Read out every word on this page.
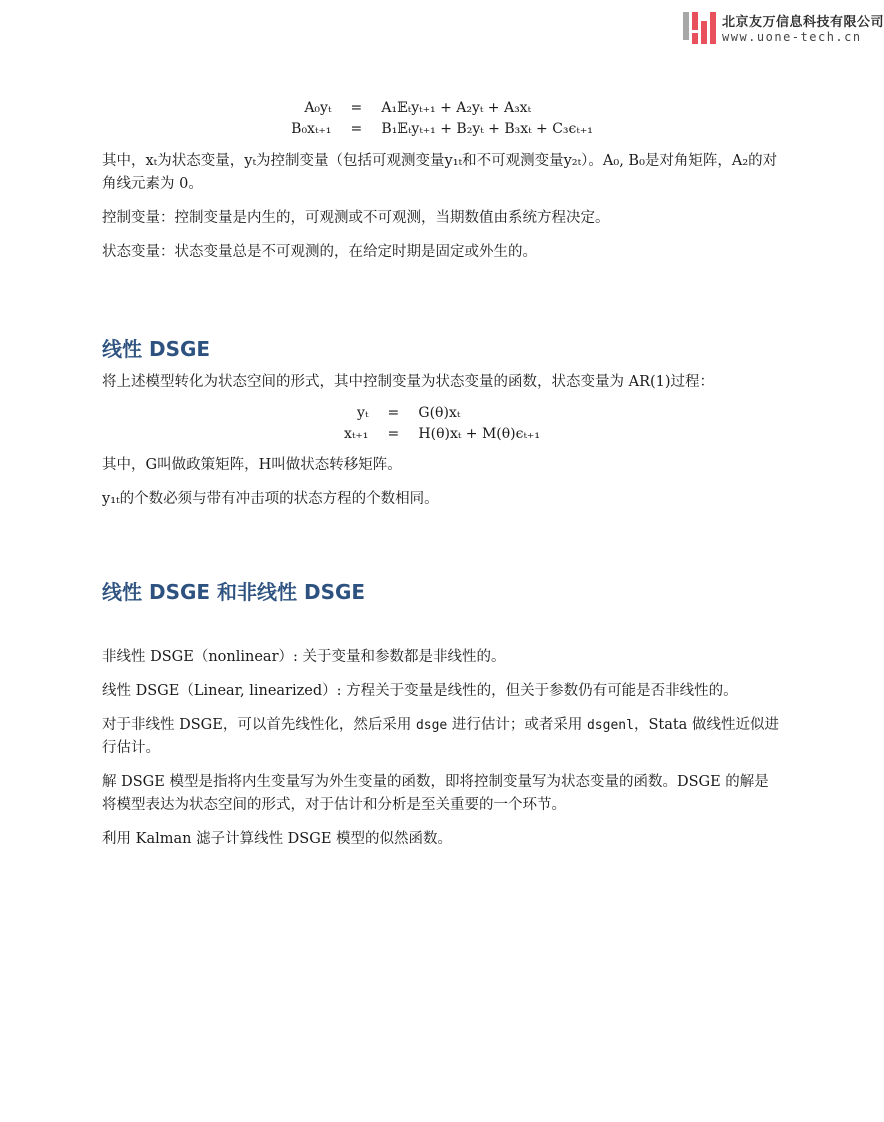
北京友万信息科技有限公司
www.uone-tech.cn
A₀yₜ	=	A₁𝔼ₜyₜ₊₁ + A₂yₜ + A₃xₜ
B₀xₜ₊₁	=	B₁𝔼ₜyₜ₊₁ + B₂yₜ + B₃xₜ + C₃ϵₜ₊₁

其中，xₜ为状态变量，yₜ为控制变量（包括可观测变量y₁ₜ和不可观测变量y₂ₜ）。A₀, B₀是对角矩阵，A₂的对角线元素为 0。

控制变量：控制变量是内生的，可观测或不可观测，当期数值由系统方程决定。

状态变量：状态变量总是不可观测的，在给定时期是固定或外生的。

线性 DSGE

将上述模型转化为状态空间的形式，其中控制变量为状态变量的函数，状态变量为 AR(1)过程：

yₜ	=	G(θ)xₜ
xₜ₊₁	=	H(θ)xₜ + M(θ)ϵₜ₊₁

其中，G叫做政策矩阵，H叫做状态转移矩阵。

y₁ₜ的个数必须与带有冲击项的状态方程的个数相同。

线性 DSGE 和非线性 DSGE

非线性 DSGE（nonlinear）: 关于变量和参数都是非线性的。

线性 DSGE（Linear, linearized）: 方程关于变量是线性的，但关于参数仍有可能是否非线性的。

对于非线性 DSGE，可以首先线性化，然后采用 dsge 进行估计；或者采用 dsgenl，Stata 做线性近似进行估计。

解 DSGE 模型是指将内生变量写为外生变量的函数，即将控制变量写为状态变量的函数。DSGE 的解是将模型表达为状态空间的形式，对于估计和分析是至关重要的一个环节。

利用 Kalman 滤子计算线性 DSGE 模型的似然函数。
